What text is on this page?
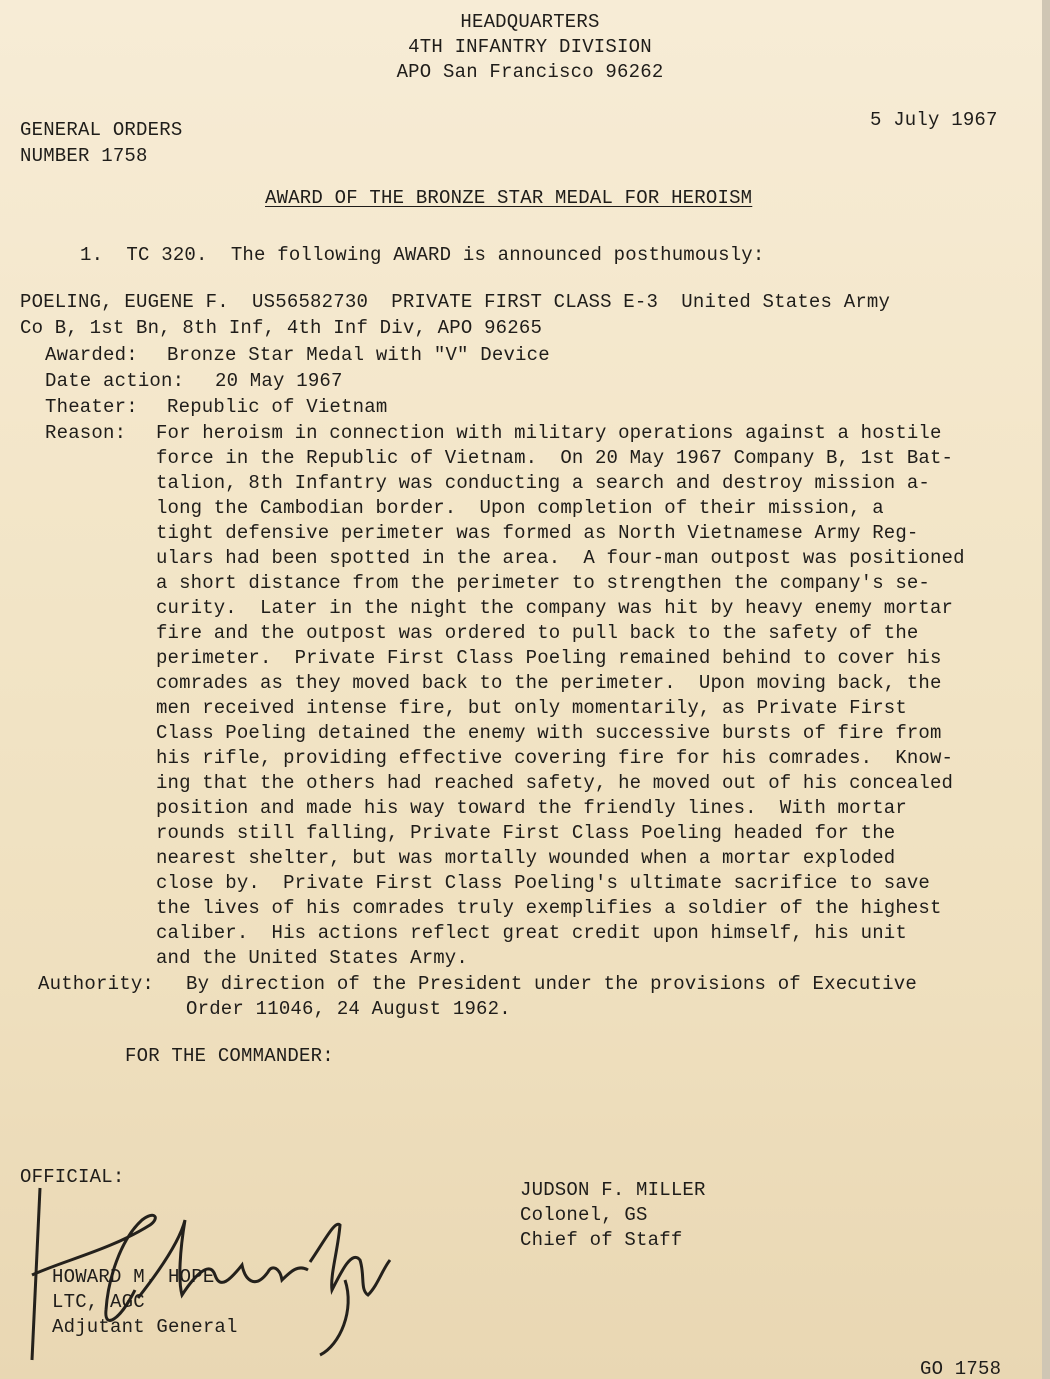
HEADQUARTERS
4TH INFANTRY DIVISION
APO San Francisco 96262
GENERAL ORDERS
NUMBER 1758
5 July 1967
AWARD OF THE BRONZE STAR MEDAL FOR HEROISM
1.  TC 320.  The following AWARD is announced posthumously:
POELING, EUGENE F.  US56582730  PRIVATE FIRST CLASS E-3  United States Army
Co B, 1st Bn, 8th Inf, 4th Inf Div, APO 96265
Awarded: Bronze Star Medal with "V" Device
Date action: 20 May 1967
Theater: Republic of Vietnam
Reason: For heroism in connection with military operations against a hostile
force in the Republic of Vietnam.  On 20 May 1967 Company B, 1st Bat-
talion, 8th Infantry was conducting a search and destroy mission a-
long the Cambodian border.  Upon completion of their mission, a
tight defensive perimeter was formed as North Vietnamese Army Reg-
ulars had been spotted in the area.  A four-man outpost was positioned
a short distance from the perimeter to strengthen the company's se-
curity.  Later in the night the company was hit by heavy enemy mortar
fire and the outpost was ordered to pull back to the safety of the
perimeter.  Private First Class Poeling remained behind to cover his
comrades as they moved back to the perimeter.  Upon moving back, the
men received intense fire, but only momentarily, as Private First
Class Poeling detained the enemy with successive bursts of fire from
his rifle, providing effective covering fire for his comrades.  Know-
ing that the others had reached safety, he moved out of his concealed
position and made his way toward the friendly lines.  With mortar
rounds still falling, Private First Class Poeling headed for the
nearest shelter, but was mortally wounded when a mortar exploded
close by.  Private First Class Poeling's ultimate sacrifice to save
the lives of his comrades truly exemplifies a soldier of the highest
caliber.  His actions reflect great credit upon himself, his unit
and the United States Army.
Authority: By direction of the President under the provisions of Executive
Order 11046, 24 August 1962.
FOR THE COMMANDER:
OFFICIAL:
HOWARD M. HOPE
LTC, AGC
Adjutant General
JUDSON F. MILLER
Colonel, GS
Chief of Staff
GO 1758
